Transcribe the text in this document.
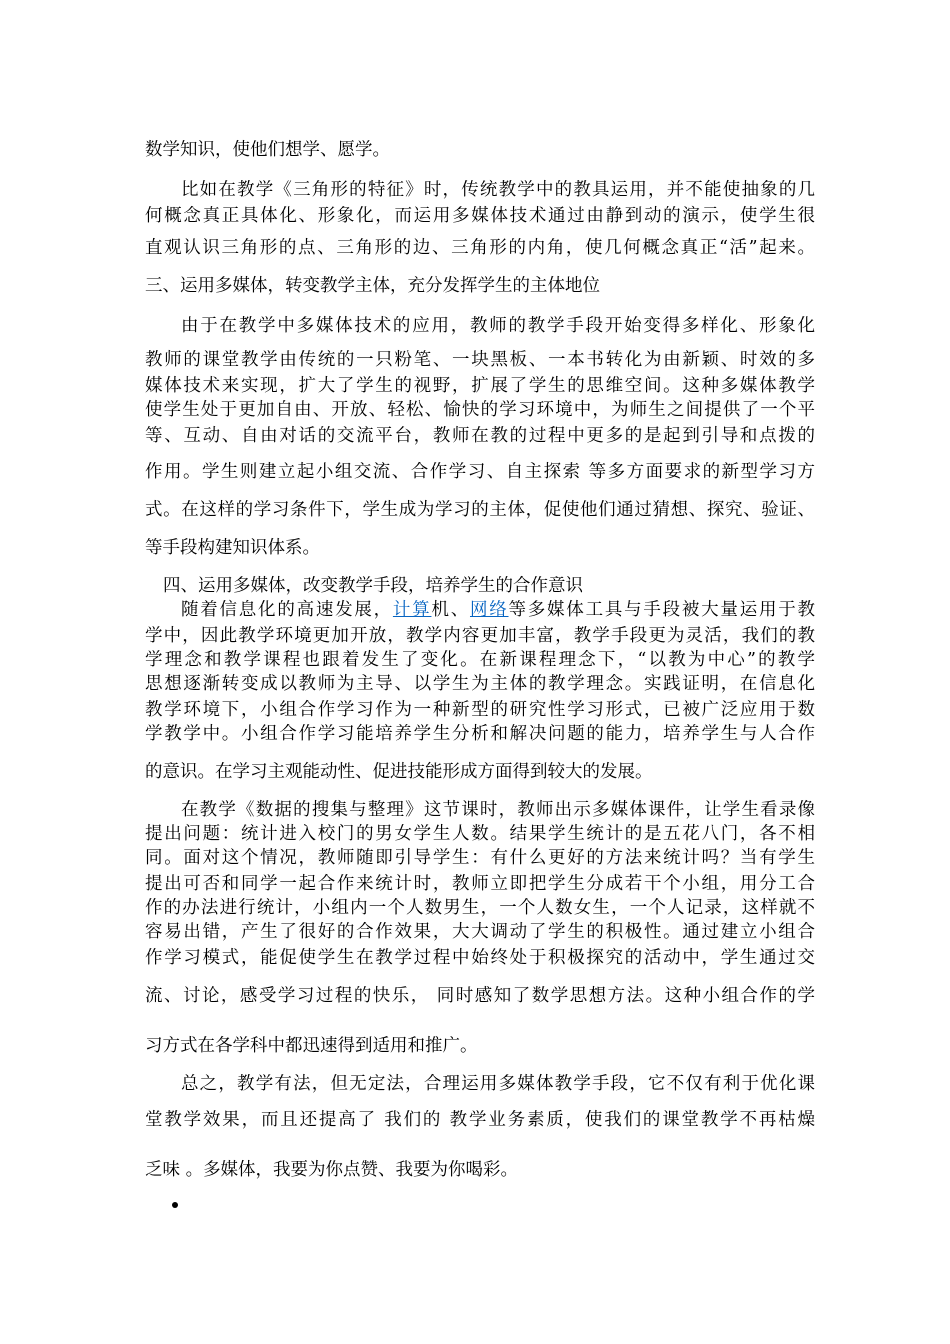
数学知识，使他们想学、愿学。
比如在教学《三角形的特征》时，传统教学中的教具运用，并不能使抽象的几
何概念真正具体化、形象化，而运用多媒体技术通过由静到动的演示，使学生很
直观认识三角形的点、三角形的边、三角形的内角，使几何概念真正“活”起来。
三、运用多媒体，转变教学主体，充分发挥学生的主体地位
由于在教学中多媒体技术的应用，教师的教学手段开始变得多样化、形象化
教师的课堂教学由传统的一只粉笔、一块黑板、一本书转化为由新颖、时效的多
媒体技术来实现，扩大了学生的视野，扩展了学生的思维空间。这种多媒体教学
使学生处于更加自由、开放、轻松、愉快的学习环境中，为师生之间提供了一个平
等、互动、自由对话的交流平台，教师在教的过程中更多的是起到引导和点拨的
作用。学生则建立起小组交流、合作学习、自主探索 等多方面要求的新型学习方
式。在这样的学习条件下，学生成为学习的主体，促使他们通过猜想、探究、验证、
等手段构建知识体系。
四、运用多媒体，改变教学手段，培养学生的合作意识
随着信息化的高速发展，计算机、网络等多媒体工具与手段被大量运用于教
学中，因此教学环境更加开放，教学内容更加丰富，教学手段更为灵活，我们的教
学理念和教学课程也跟着发生了变化。在新课程理念下，“以教为中心”的教学
思想逐渐转变成以教师为主导、以学生为主体的教学理念。实践证明，在信息化
教学环境下，小组合作学习作为一种新型的研究性学习形式，已被广泛应用于数
学教学中。小组合作学习能培养学生分析和解决问题的能力，培养学生与人合作
的意识。在学习主观能动性、促进技能形成方面得到较大的发展。
在教学《数据的搜集与整理》这节课时，教师出示多媒体课件，让学生看录像
提出问题：统计进入校门的男女学生人数。结果学生统计的是五花八门，各不相
同。面对这个情况，教师随即引导学生：有什么更好的方法来统计吗？当有学生
提出可否和同学一起合作来统计时，教师立即把学生分成若干个小组，用分工合
作的办法进行统计，小组内一个人数男生，一个人数女生，一个人记录，这样就不
容易出错，产生了很好的合作效果，大大调动了学生的积极性。通过建立小组合
作学习模式，能促使学生在教学过程中始终处于积极探究的活动中，学生通过交
流、讨论，感受学习过程的快乐， 同时感知了数学思想方法。这种小组合作的学
习方式在各学科中都迅速得到适用和推广。
总之，教学有法，但无定法，合理运用多媒体教学手段，它不仅有利于优化课
堂教学效果，而且还提高了 我们的 教学业务素质，使我们的课堂教学不再枯燥
乏味 。多媒体，我要为你点赞、我要为你喝彩。
